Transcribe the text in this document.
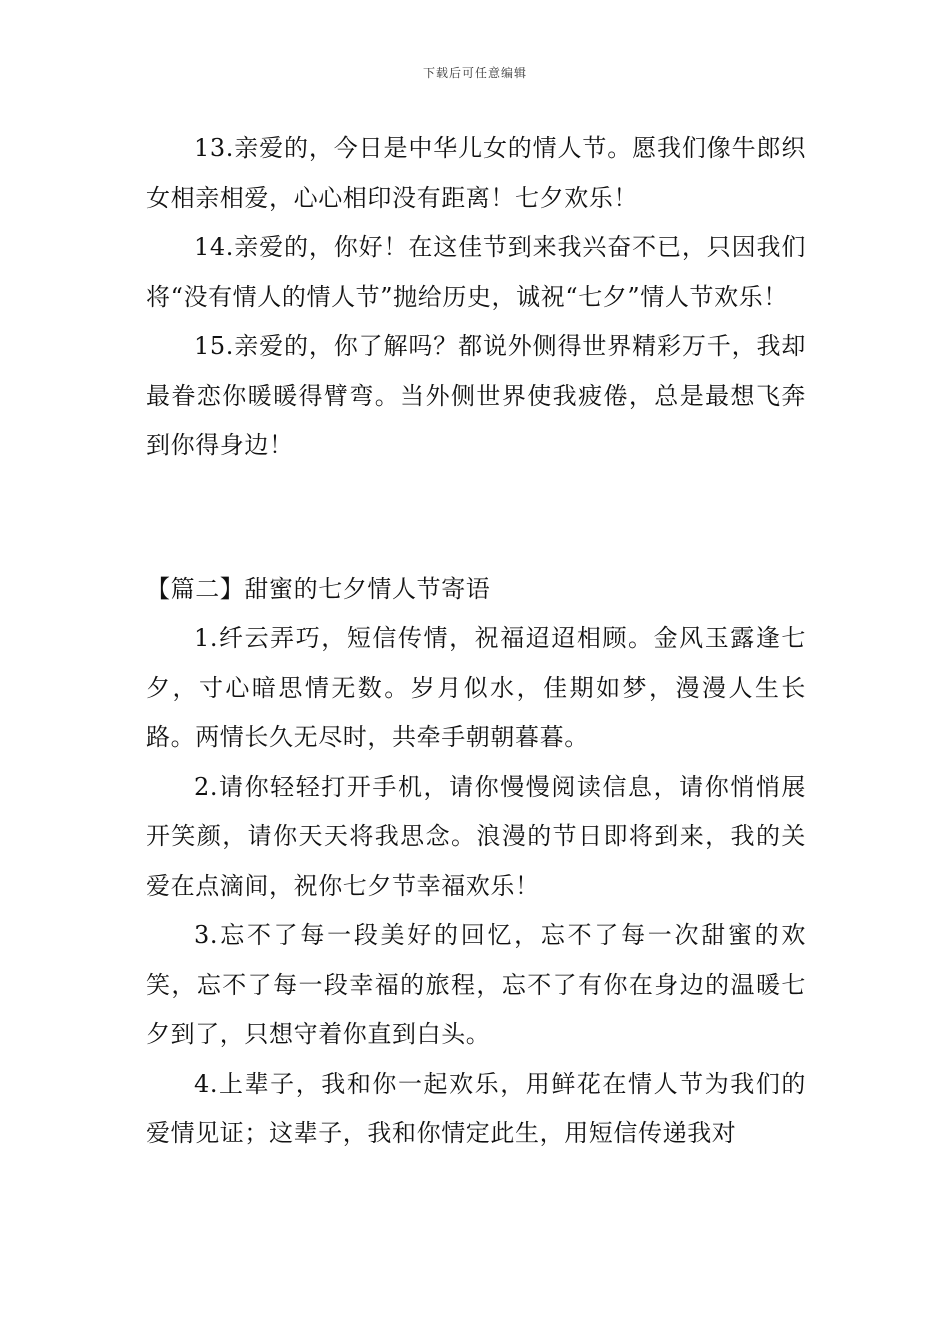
下载后可任意编辑

13.亲爱的，今日是中华儿女的情人节。愿我们像牛郎织女相亲相爱，心心相印没有距离！七夕欢乐！

14.亲爱的，你好！在这佳节到来我兴奋不已，只因我们将“没有情人的情人节”抛给历史，诚祝“七夕”情人节欢乐！

15.亲爱的，你了解吗？都说外侧得世界精彩万千，我却最眷恋你暖暖得臂弯。当外侧世界使我疲倦，总是最想飞奔到你得身边！

【篇二】甜蜜的七夕情人节寄语

1.纤云弄巧，短信传情，祝福迢迢相顾。金风玉露逢七夕，寸心暗思情无数。岁月似水，佳期如梦，漫漫人生长路。两情长久无尽时，共牵手朝朝暮暮。

2.请你轻轻打开手机，请你慢慢阅读信息，请你悄悄展开笑颜，请你天天将我思念。浪漫的节日即将到来，我的关爱在点滴间，祝你七夕节幸福欢乐！

3.忘不了每一段美好的回忆，忘不了每一次甜蜜的欢笑，忘不了每一段幸福的旅程，忘不了有你在身边的温暖七夕到了，只想守着你直到白头。

4.上辈子，我和你一起欢乐，用鲜花在情人节为我们的爱情见证；这辈子，我和你情定此生，用短信传递我对
